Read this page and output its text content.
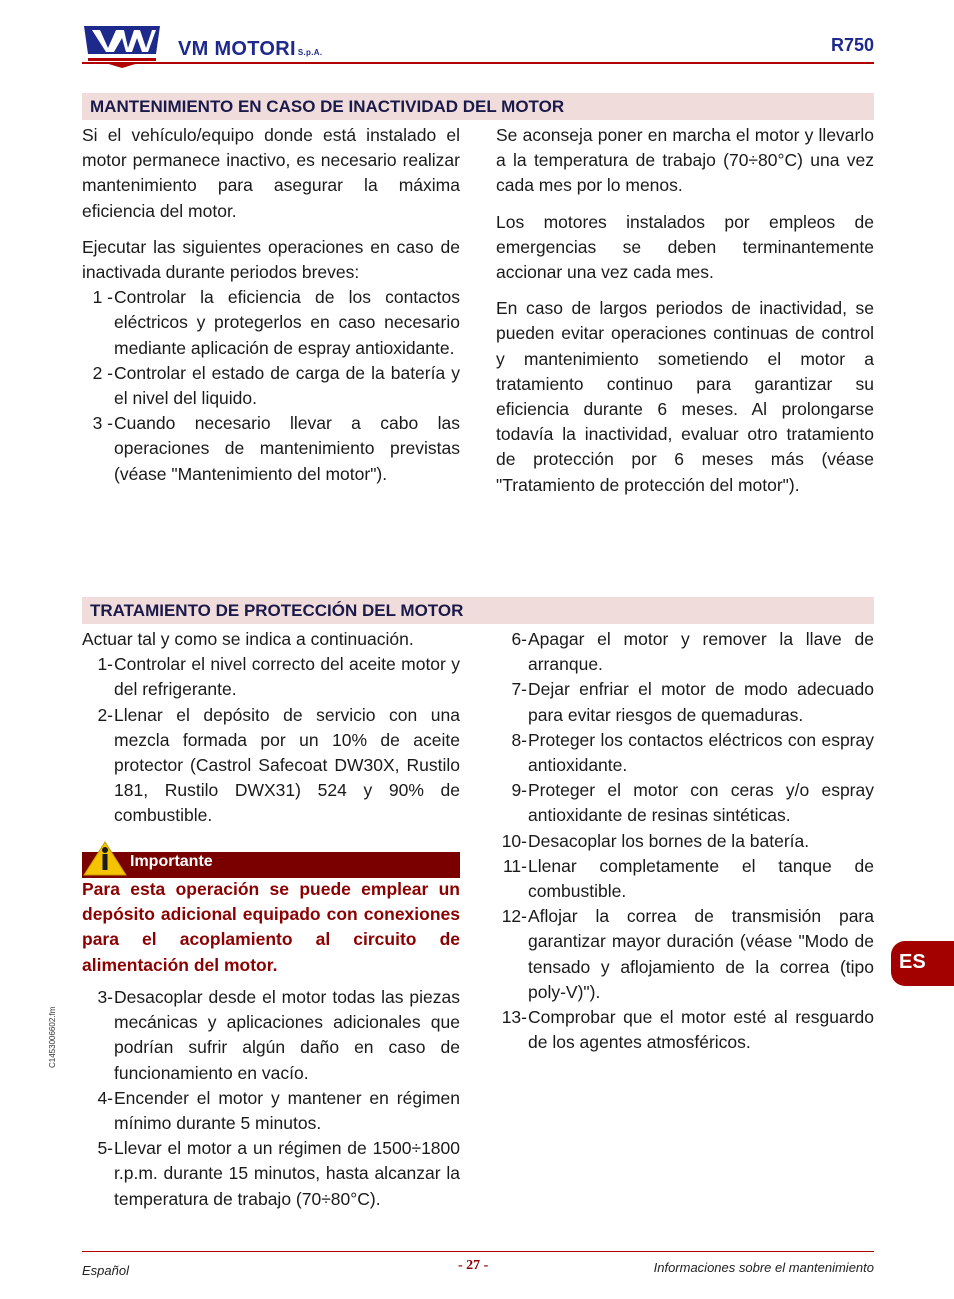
VM MOTORI S.p.A.	R750
MANTENIMIENTO EN CASO DE INACTIVIDAD DEL MOTOR

Si el vehículo/equipo donde está instalado el motor permanece inactivo, es necesario realizar mantenimiento para asegurar la máxima eficiencia del motor.

Ejecutar las siguientes operaciones en caso de inactivada durante periodos breves:

1 - Controlar la eficiencia de los contactos eléctricos y protegerlos en caso necesario mediante aplicación de espray antioxidante.
2 - Controlar el estado de carga de la batería y el nivel del liquido.
3 - Cuando necesario llevar a cabo las operaciones de mantenimiento previstas (véase "Mantenimiento del motor").

Se aconseja poner en marcha el motor y llevarlo a la temperatura de trabajo (70÷80°C) una vez cada mes por lo menos.

Los motores instalados por empleos de emergencias se deben terminantemente accionar una vez cada mes.

En caso de largos periodos de inactividad, se pueden evitar operaciones continuas de control y mantenimiento sometiendo el motor a tratamiento continuo para garantizar su eficiencia durante 6 meses. Al prolongarse todavía la inactividad, evaluar otro tratamiento de protección por 6 meses más (véase "Tratamiento de protección del motor").

TRATAMIENTO DE PROTECCIÓN DEL MOTOR
Actuar tal y como se indica a continuación.
1- Controlar el nivel correcto del aceite motor y del refrigerante.
2- Llenar el depósito de servicio con una mezcla formada por un 10% de aceite protector (Castrol Safecoat DW30X, Rustilo 181, Rustilo DWX31) 524 y 90% de combustible.
Importante
Para esta operación se puede emplear un depósito adicional equipado con conexiones para el acoplamiento al circuito de alimentación del motor.
3- Desacoplar desde el motor todas las piezas mecánicas y aplicaciones adicionales que podrían sufrir algún daño en caso de funcionamiento en vacío.
4- Encender el motor y mantener en régimen mínimo durante 5 minutos.
5- Llevar el motor a un régimen de 1500÷1800 r.p.m. durante 15 minutos, hasta alcanzar la temperatura de trabajo (70÷80°C).
6- Apagar el motor y remover la llave de arranque.
7- Dejar enfriar el motor de modo adecuado para evitar riesgos de quemaduras.
8- Proteger los contactos eléctricos con espray antioxidante.
9- Proteger el motor con ceras y/o espray antioxidante de resinas sintéticas.
10- Desacoplar los bornes de la batería.
11- Llenar completamente el tanque de combustible.
12- Aflojar la correa de transmisión para garantizar mayor duración (véase "Modo de tensado y aflojamiento de la correa (tipo poly-V)").
13- Comprobar que el motor esté al resguardo de los agentes atmosféricos.
ES
C1453006602.fm
Español	- 27 -	Informaciones sobre el mantenimiento
